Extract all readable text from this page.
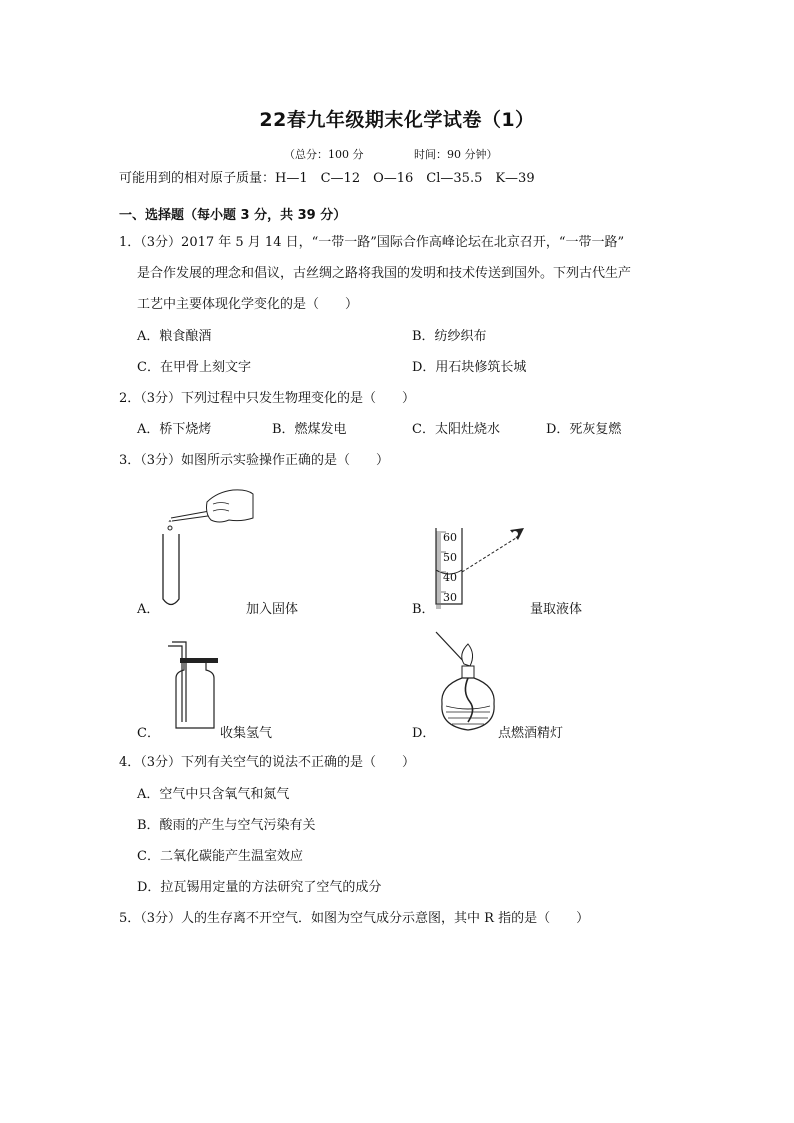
22春九年级期末化学试卷（1）
（总分：100 分	时间：90 分钟）
可能用到的相对原子质量：H—1　C—12　O—16　Cl—35.5　K—39
一、选择题（每小题 3 分，共 39 分）
1．（3分）2017 年 5 月 14 日，“一带一路”国际合作高峰论坛在北京召开，“一带一路”
是合作发展的理念和倡议，古丝绸之路将我国的发明和技术传送到国外。下列古代生产
工艺中主要体现化学变化的是（　　）
A．粮食酿酒	B．纺纱织布
C．在甲骨上刻文字	D．用石块修筑长城
2．（3分）下列过程中只发生物理变化的是（　　）
A．桥下烧烤	B．燃煤发电	C．太阳灶烧水	D．死灰复燃
3．（3分）如图所示实验操作正确的是（　　）
A．	加入固体
60
50
40
30
B．	量取液体
C．	收集氢气	D．	点燃酒精灯
4．（3分）下列有关空气的说法不正确的是（　　）
A．空气中只含氧气和氮气
B．酸雨的产生与空气污染有关
C．二氧化碳能产生温室效应
D．拉瓦锡用定量的方法研究了空气的成分
5．（3分）人的生存离不开空气．如图为空气成分示意图，其中 R 指的是（　　）
